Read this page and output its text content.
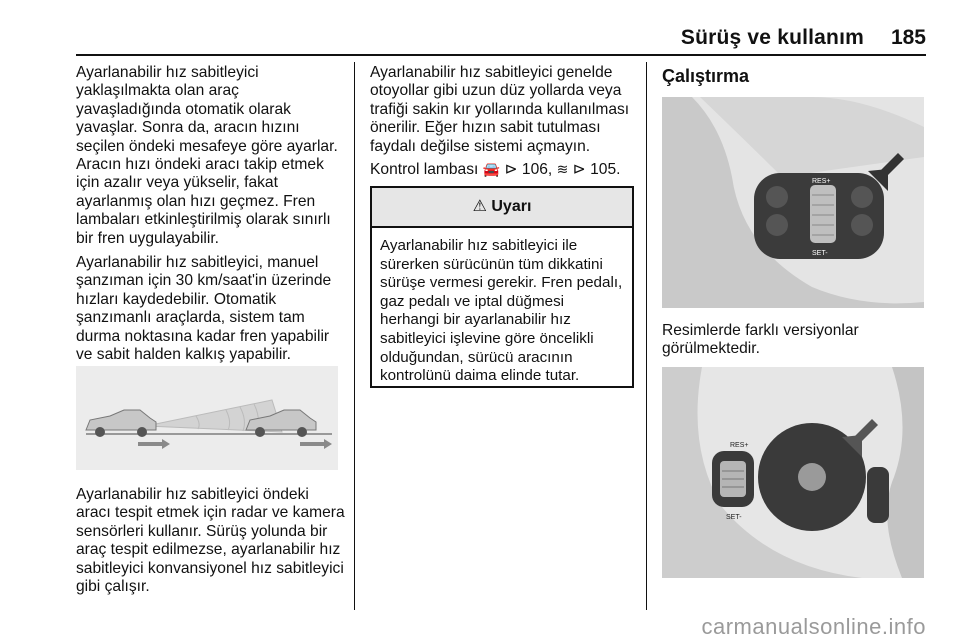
Sürüş ve kullanım 185

Ayarlanabilir hız sabitleyici yaklaşılmakta olan araç yavaşladığında otomatik olarak yavaşlar. Sonra da, aracın hızını seçilen öndeki mesafeye göre ayarlar. Aracın hızı öndeki aracı takip etmek için azalır veya yükselir, fakat ayarlanmış olan hızı geçmez. Fren lambaları etkinleştirilmiş olarak sınırlı bir fren uygulayabilir.

Ayarlanabilir hız sabitleyici, manuel şanzıman için 30 km/saat'in üzerinde hızları kaydedebilir. Otomatik şanzımanlı araçlarda, sistem tam durma noktasına kadar fren yapabilir ve sabit halden kalkış yapabilir.

Ayarlanabilir hız sabitleyici öndeki aracı tespit etmek için radar ve kamera sensörleri kullanır. Sürüş yolunda bir araç tespit edilmezse, ayarlanabilir hız sabitleyici konvansiyonel hız sabitleyici gibi çalışır.

Ayarlanabilir hız sabitleyici genelde otoyollar gibi uzun düz yollarda veya trafiği sakin kır yollarında kullanılması önerilir. Eğer hızın sabit tutulması faydalı değilse sistemi açmayın.

Kontrol lambası 🚘 ⊳ 106, ≋ ⊳ 105.

⚠ Uyarı
Ayarlanabilir hız sabitleyici ile sürerken sürücünün tüm dikkatini sürüşe vermesi gerekir. Fren pedalı, gaz pedalı ve iptal düğmesi herhangi bir ayarlanabilir hız sabitleyici işlevine göre öncelikli olduğundan, sürücü aracının kontrolünü daima elinde tutar.
Çalıştırma
RES+
SET-
Resimlerde farklı versiyonlar görülmektedir.
RES+
SET-
carmanualsonline.info
